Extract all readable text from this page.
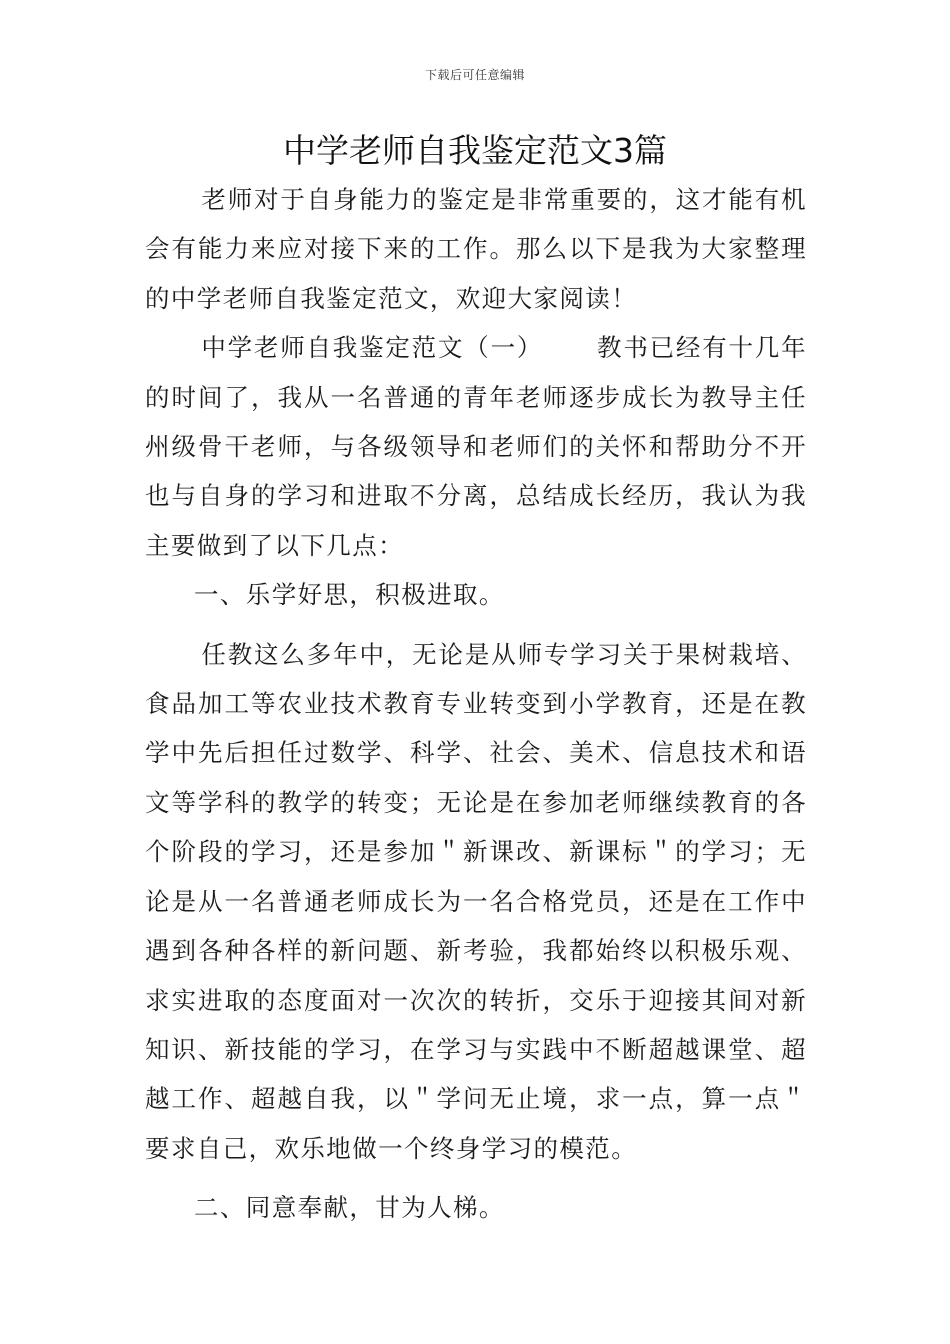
下载后可任意编辑
中学老师自我鉴定范文3篇

老师对于自身能力的鉴定是非常重要的，这才能有机会有能力来应对接下来的工作。那么以下是我为大家整理的中学老师自我鉴定范文，欢迎大家阅读！

中学老师自我鉴定范文（一） 教书已经有十几年的时间了，我从一名普通的青年老师逐步成长为教导主任州级骨干老师，与各级领导和老师们的关怀和帮助分不开也与自身的学习和进取不分离，总结成长经历，我认为我主要做到了以下几点：

一、乐学好思，积极进取。

任教这么多年中，无论是从师专学习关于果树栽培、食品加工等农业技术教育专业转变到小学教育，还是在教学中先后担任过数学、科学、社会、美术、信息技术和语文等学科的教学的转变；无论是在参加老师继续教育的各个阶段的学习，还是参加＂新课改、新课标＂的学习；无论是从一名普通老师成长为一名合格党员，还是在工作中遇到各种各样的新问题、新考验，我都始终以积极乐观、求实进取的态度面对一次次的转折，交乐于迎接其间对新知识、新技能的学习，在学习与实践中不断超越课堂、超越工作、超越自我，以＂学问无止境，求一点，算一点＂要求自己，欢乐地做一个终身学习的模范。

二、同意奉献，甘为人梯。
